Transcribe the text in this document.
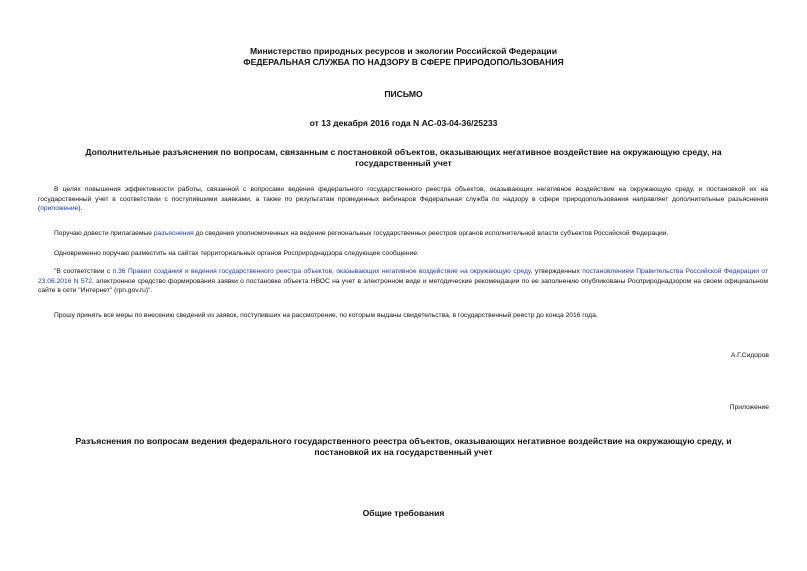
Министерство природных ресурсов и экологии Российской Федерации
ФЕДЕРАЛЬНАЯ СЛУЖБА ПО НАДЗОРУ В СФЕРЕ ПРИРОДОПОЛЬЗОВАНИЯ
ПИСЬМО
от 13 декабря 2016 года N АС-03-04-36/25233
Дополнительные разъяснения по вопросам, связанным с постановкой объектов, оказывающих негативное воздействие на окружающую среду, на государственный учет
В целях повышения эффективности работы, связанной с вопросами ведения федерального государственного реестра объектов, оказывающих негативное воздействие на окружающую среду, и постановкой их на государственный учет в соответствии с поступившими заявками, а также по результатам проведенных вебинаров Федеральная служба по надзору в сфере природопользования направляет дополнительные разъяснения (приложение).
Поручаю довести прилагаемые разъяснения до сведения уполномоченных на ведение региональных государственных реестров органов исполнительной власти субъектов Российской Федерации.
Одновременно поручаю разместить на сайтах территориальных органов Росприроднадзора следующее сообщение:
"В соответствии с п.36 Правил создания и ведения государственного реестра объектов, оказывающих негативное воздействие на окружающую среду, утвержденных постановлением Правительства Российской Федерации от 23.06.2016 N 572, электронное средство формирования заявки о постановке объекта НВОС на учет в электронном виде и методические рекомендации по ее заполнению опубликованы Росприроднадзором на своем официальном сайте в сети "Интернет" (rpn.gov.ru)".
Прошу принять все меры по внесению сведений из заявок, поступивших на рассмотрение, по которым выданы свидетельства, в государственный реестр до конца 2016 года.
А.Г.Сидоров
Приложение
Разъяснения по вопросам ведения федерального государственного реестра объектов, оказывающих негативное воздействие на окружающую среду, и постановкой их на государственный учет
Общие требования
